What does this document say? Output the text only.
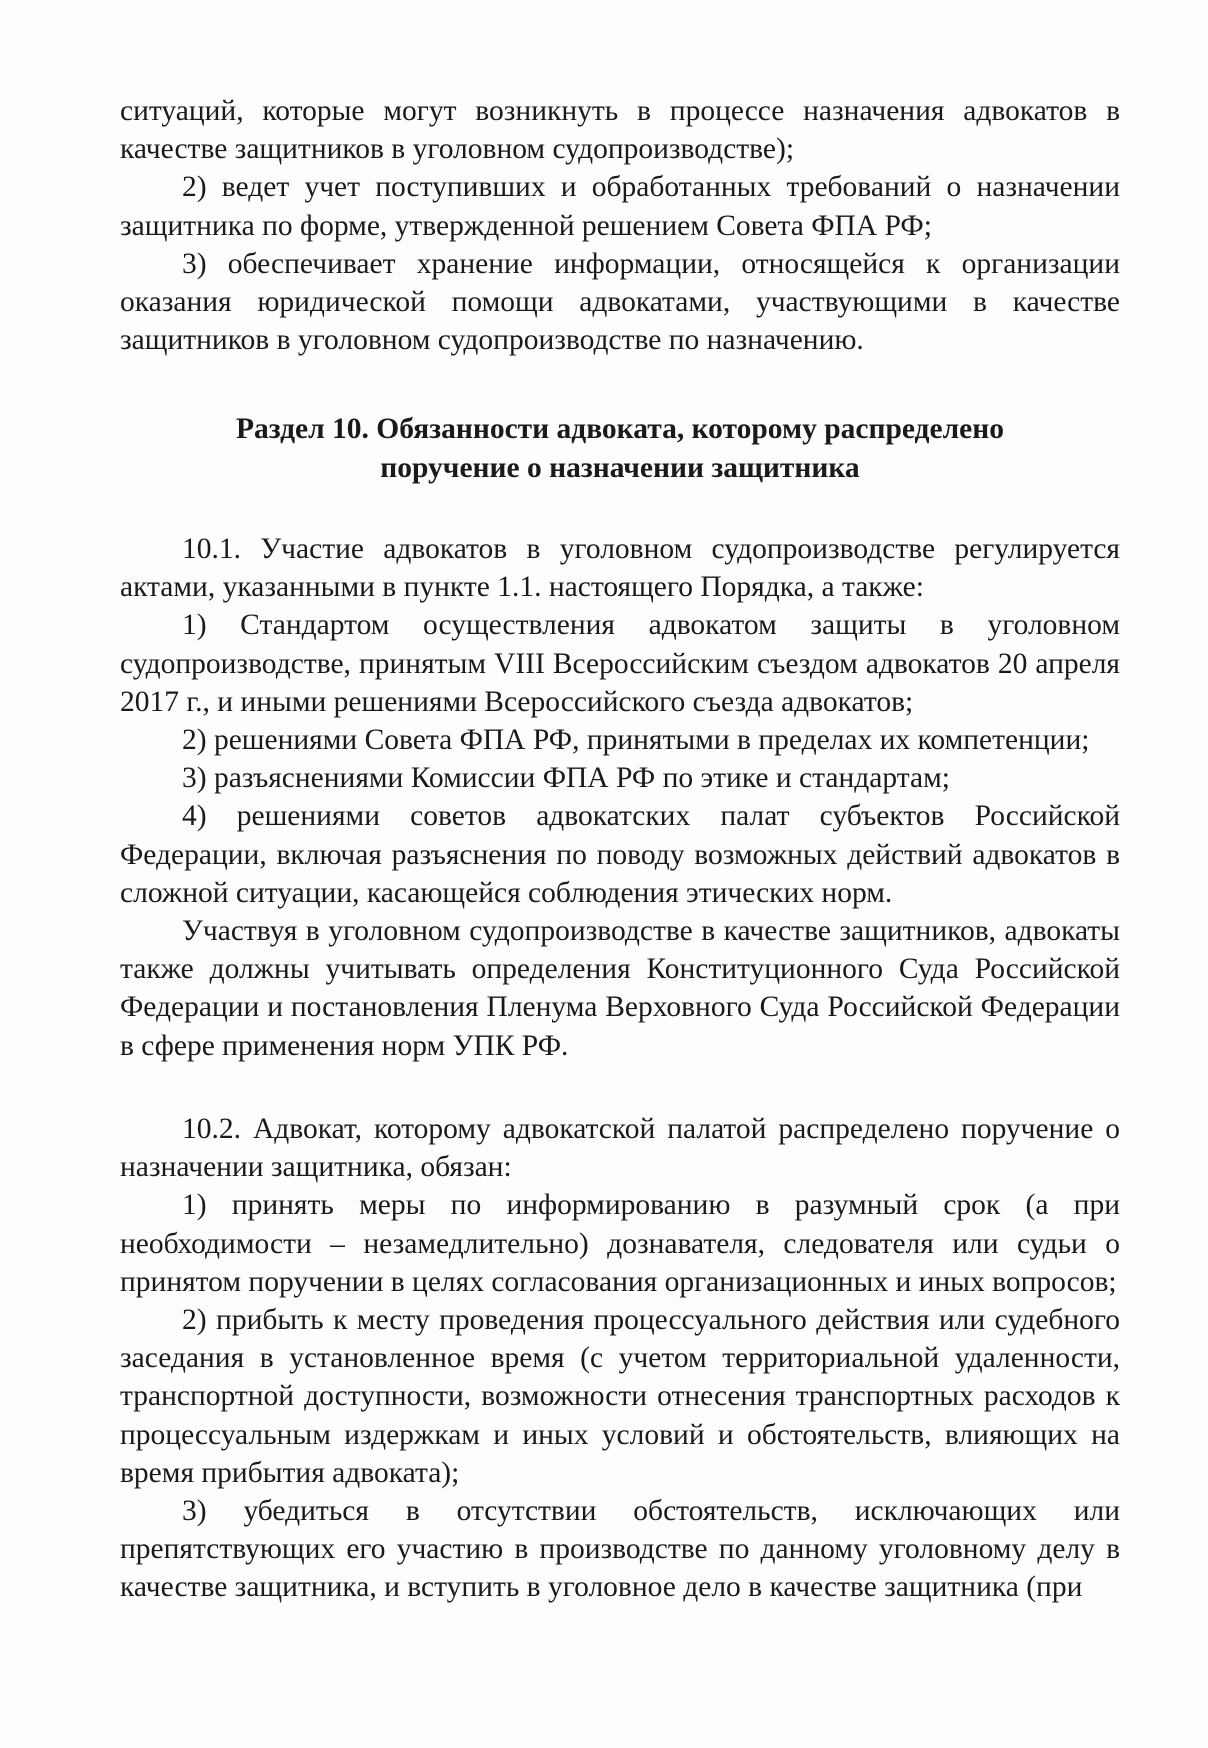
ситуаций, которые могут возникнуть в процессе назначения адвокатов в качестве защитников в уголовном судопроизводстве);

2) ведет учет поступивших и обработанных требований о назначении защитника по форме, утвержденной решением Совета ФПА РФ;

3) обеспечивает хранение информации, относящейся к организации оказания юридической помощи адвокатами, участвующими в качестве защитников в уголовном судопроизводстве по назначению.

Раздел 10. Обязанности адвоката, которому распределено
поручение о назначении защитника

10.1. Участие адвокатов в уголовном судопроизводстве регулируется актами, указанными в пункте 1.1. настоящего Порядка, а также:

1) Стандартом осуществления адвокатом защиты в уголовном судопроизводстве, принятым VIII Всероссийским съездом адвокатов 20 апреля 2017 г., и иными решениями Всероссийского съезда адвокатов;

2) решениями Совета ФПА РФ, принятыми в пределах их компетенции;

3) разъяснениями Комиссии ФПА РФ по этике и стандартам;

4) решениями советов адвокатских палат субъектов Российской Федерации, включая разъяснения по поводу возможных действий адвокатов в сложной ситуации, касающейся соблюдения этических норм.

Участвуя в уголовном судопроизводстве в качестве защитников, адвокаты также должны учитывать определения Конституционного Суда Российской Федерации и постановления Пленума Верховного Суда Российской Федерации в сфере применения норм УПК РФ.

10.2. Адвокат, которому адвокатской палатой распределено поручение о назначении защитника, обязан:

1) принять меры по информированию в разумный срок (а при необходимости – незамедлительно) дознавателя, следователя или судьи о принятом поручении в целях согласования организационных и иных вопросов;

2) прибыть к месту проведения процессуального действия или судебного заседания в установленное время (с учетом территориальной удаленности, транспортной доступности, возможности отнесения транспортных расходов к процессуальным издержкам и иных условий и обстоятельств, влияющих на время прибытия адвоката);

3) убедиться в отсутствии обстоятельств, исключающих или препятствующих его участию в производстве по данному уголовному делу в качестве защитника, и вступить в уголовное дело в качестве защитника (при
